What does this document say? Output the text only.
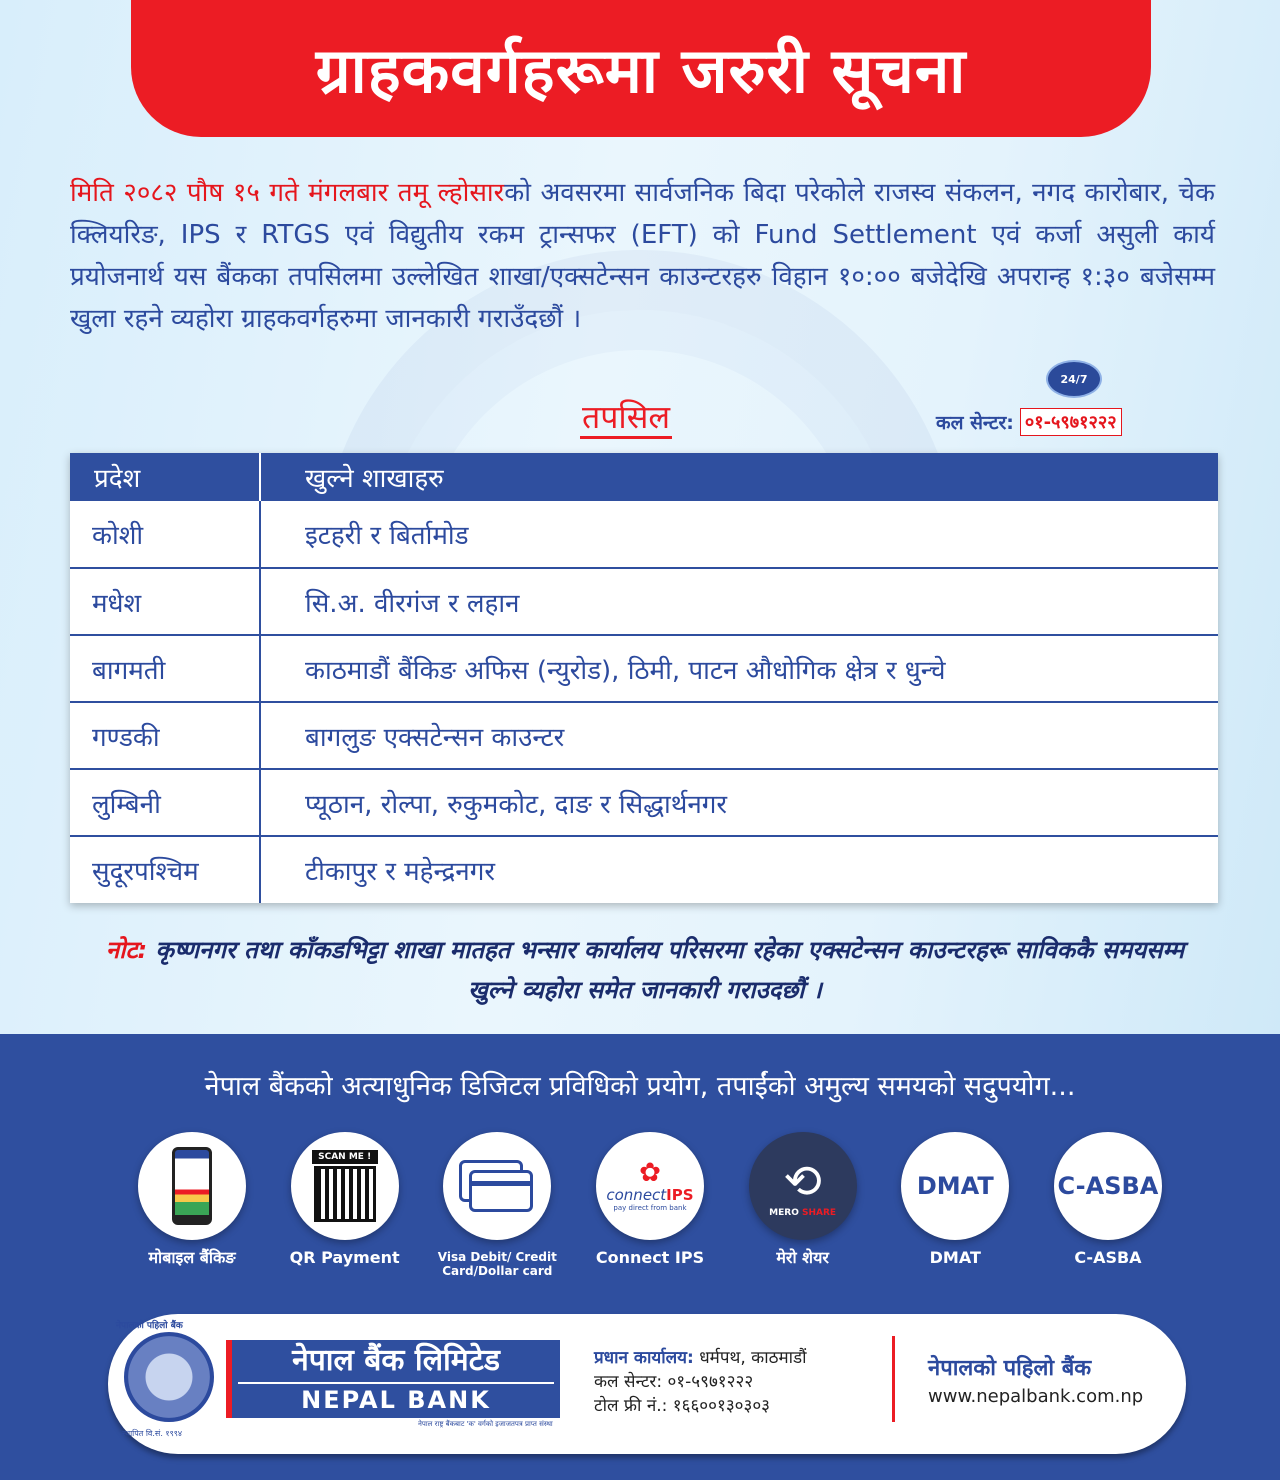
ग्राहकवर्गहरूमा जरुरी सूचना

मिति २०८२ पौष १५ गते मंगलबार तमू ल्होसारको अवसरमा सार्वजनिक बिदा परेकोले राजस्व संकलन, नगद कारोबार, चेक क्लियरिङ, IPS र RTGS एवं विद्युतीय रकम ट्रान्सफर (EFT) को Fund Settlement एवं कर्जा असुली कार्य प्रयोजनार्थ यस बैंकका तपसिलमा उल्लेखित शाखा/एक्सटेन्सन काउन्टरहरु विहान १०:०० बजेदेखि अपरान्ह १:३० बजेसम्म खुला रहने व्यहोरा ग्राहकवर्गहरुमा जानकारी गराउँदछौं ।

24/7
कल सेन्टर: ०१-५९७१२२२
तपसिल
प्रदेश	खुल्ने शाखाहरु
कोशी	इटहरी र बिर्तामोड
मधेश	सि.अ. वीरगंज र लहान
बागमती	काठमाडौं बैंकिङ अफिस (न्युरोड), ठिमी, पाटन औधोगिक क्षेत्र र धुन्चे
गण्डकी	बागलुङ एक्सटेन्सन काउन्टर
लुम्बिनी	प्यूठान, रोल्पा, रुकुमकोट, दाङ र सिद्धार्थनगर
सुदूरपश्चिम	टीकापुर र महेन्द्रनगर

नोट: कृष्णनगर तथा काँकडभिट्टा शाखा मातहत भन्सार कार्यालय परिसरमा रहेका एक्सटेन्सन काउन्टरहरू साविककै समयसम्म खुल्ने व्यहोरा समेत जानकारी गराउदछौं ।

नेपाल बैंकको अत्याधुनिक डिजिटल प्रविधिको प्रयोग, तपाईंको अमुल्य समयको सदुपयोग...
मोबाइल बैंकिङ
SCAN ME !
QR Payment	Visa Debit/ Credit Card/Dollar card
✿
connectIPS
pay direct from bank
Connect IPS
⟲
MERO SHARE
मेरो शेयर
DMAT
DMAT
C-ASBA
C-ASBA
नेपालको पहिलो बैंक
स्थापित वि.सं. १९९४
नेपाल बैंक लिमिटेड
NEPAL BANK LIMITED
नेपाल राष्ट्र बैंकबाट 'क' वर्गको इजाजतपत्र प्राप्त संस्था
प्रधान कार्यालय: धर्मपथ, काठमाडौं
कल सेन्टर: ०१-५९७१२२२
टोल फ्री नं.: १६६००१३०३०३
नेपालको पहिलो बैंक
www.nepalbank.com.np
